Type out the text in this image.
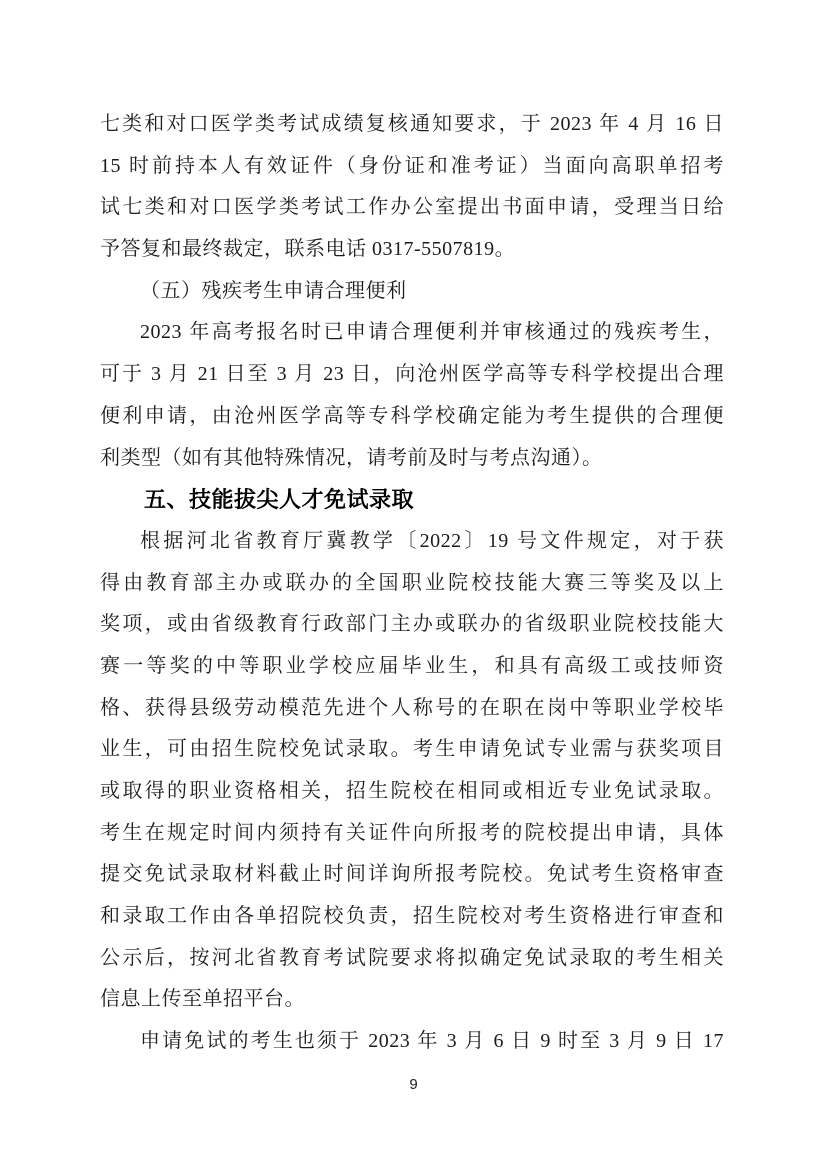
七类和对口医学类考试成绩复核通知要求，于 2023 年 4 月 16 日
15 时前持本人有效证件（身份证和准考证）当面向高职单招考
试七类和对口医学类考试工作办公室提出书面申请，受理当日给
予答复和最终裁定，联系电话 0317-5507819。
（五）残疾考生申请合理便利
2023 年高考报名时已申请合理便利并审核通过的残疾考生，
可于 3 月 21 日至 3 月 23 日，向沧州医学高等专科学校提出合理
便利申请，由沧州医学高等专科学校确定能为考生提供的合理便
利类型（如有其他特殊情况，请考前及时与考点沟通）。
五、技能拔尖人才免试录取
根据河北省教育厅冀教学〔2022〕19 号文件规定，对于获
得由教育部主办或联办的全国职业院校技能大赛三等奖及以上
奖项，或由省级教育行政部门主办或联办的省级职业院校技能大
赛一等奖的中等职业学校应届毕业生，和具有高级工或技师资
格、获得县级劳动模范先进个人称号的在职在岗中等职业学校毕
业生，可由招生院校免试录取。考生申请免试专业需与获奖项目
或取得的职业资格相关，招生院校在相同或相近专业免试录取。
考生在规定时间内须持有关证件向所报考的院校提出申请，具体
提交免试录取材料截止时间详询所报考院校。免试考生资格审查
和录取工作由各单招院校负责，招生院校对考生资格进行审查和
公示后，按河北省教育考试院要求将拟确定免试录取的考生相关
信息上传至单招平台。
申请免试的考生也须于 2023 年 3 月 6 日 9 时至 3 月 9 日 17
9
